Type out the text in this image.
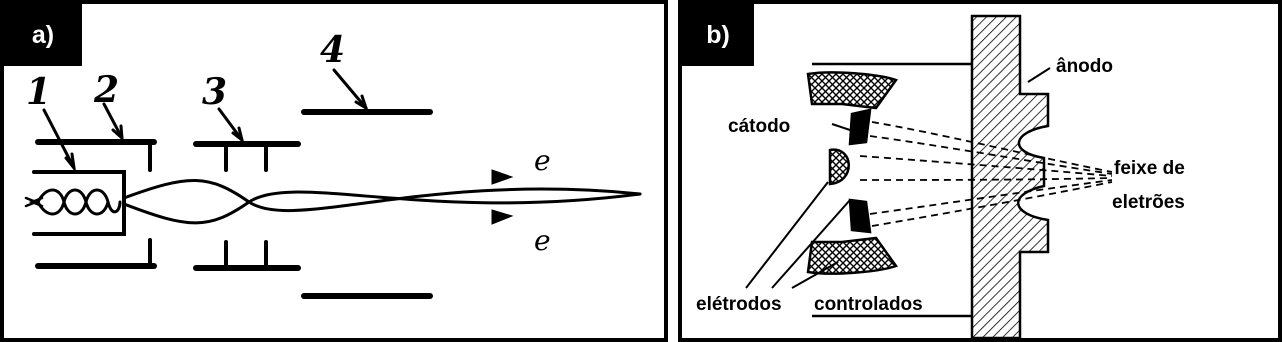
1 2 3
4
e
e
a)
ânodo
cátodo
feixe de
eletrões
elétrodos controlados
b)
